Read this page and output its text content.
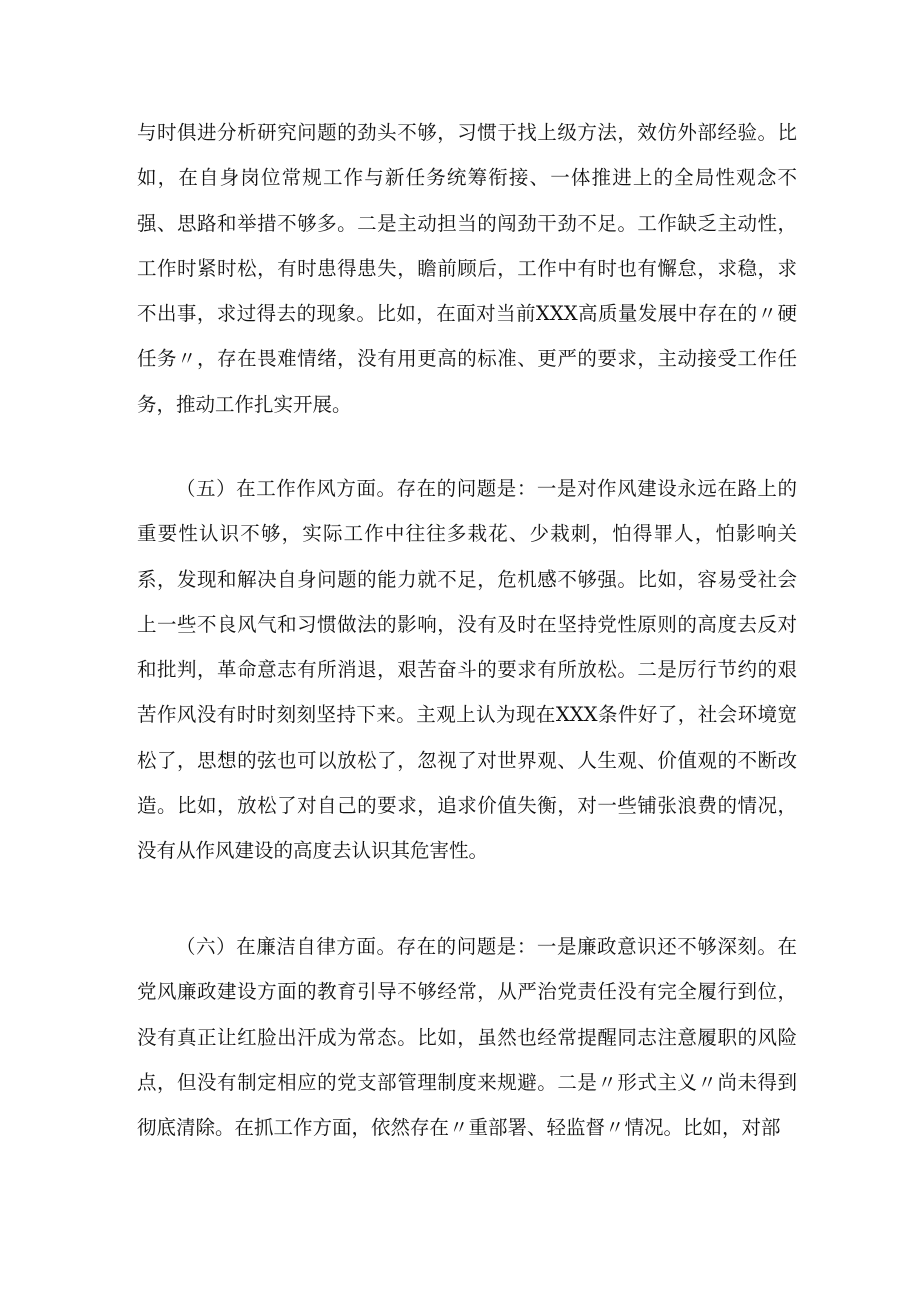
与时俱进分析研究问题的劲头不够，习惯于找上级方法，效仿外部经验。比如，在自身岗位常规工作与新任务统筹衔接、一体推进上的全局性观念不强、思路和举措不够多。二是主动担当的闯劲干劲不足。工作缺乏主动性，工作时紧时松，有时患得患失，瞻前顾后，工作中有时也有懈怠，求稳，求不出事，求过得去的现象。比如，在面对当前XXX高质量发展中存在的〃硬任务〃，存在畏难情绪，没有用更高的标准、更严的要求，主动接受工作任务，推动工作扎实开展。

（五）在工作作风方面。存在的问题是：一是对作风建设永远在路上的重要性认识不够，实际工作中往往多栽花、少栽刺，怕得罪人，怕影响关系，发现和解决自身问题的能力就不足，危机感不够强。比如，容易受社会上一些不良风气和习惯做法的影响，没有及时在坚持党性原则的高度去反对和批判，革命意志有所消退，艰苦奋斗的要求有所放松。二是厉行节约的艰苦作风没有时时刻刻坚持下来。主观上认为现在XXX条件好了，社会环境宽松了，思想的弦也可以放松了，忽视了对世界观、人生观、价值观的不断改造。比如，放松了对自己的要求，追求价值失衡，对一些铺张浪费的情况，没有从作风建设的高度去认识其危害性。

（六）在廉洁自律方面。存在的问题是：一是廉政意识还不够深刻。在党风廉政建设方面的教育引导不够经常，从严治党责任没有完全履行到位，没有真正让红脸出汗成为常态。比如，虽然也经常提醒同志注意履职的风险点，但没有制定相应的党支部管理制度来规避。二是〃形式主义〃尚未得到彻底清除。在抓工作方面，依然存在〃重部署、轻监督〃情况。比如，对部
